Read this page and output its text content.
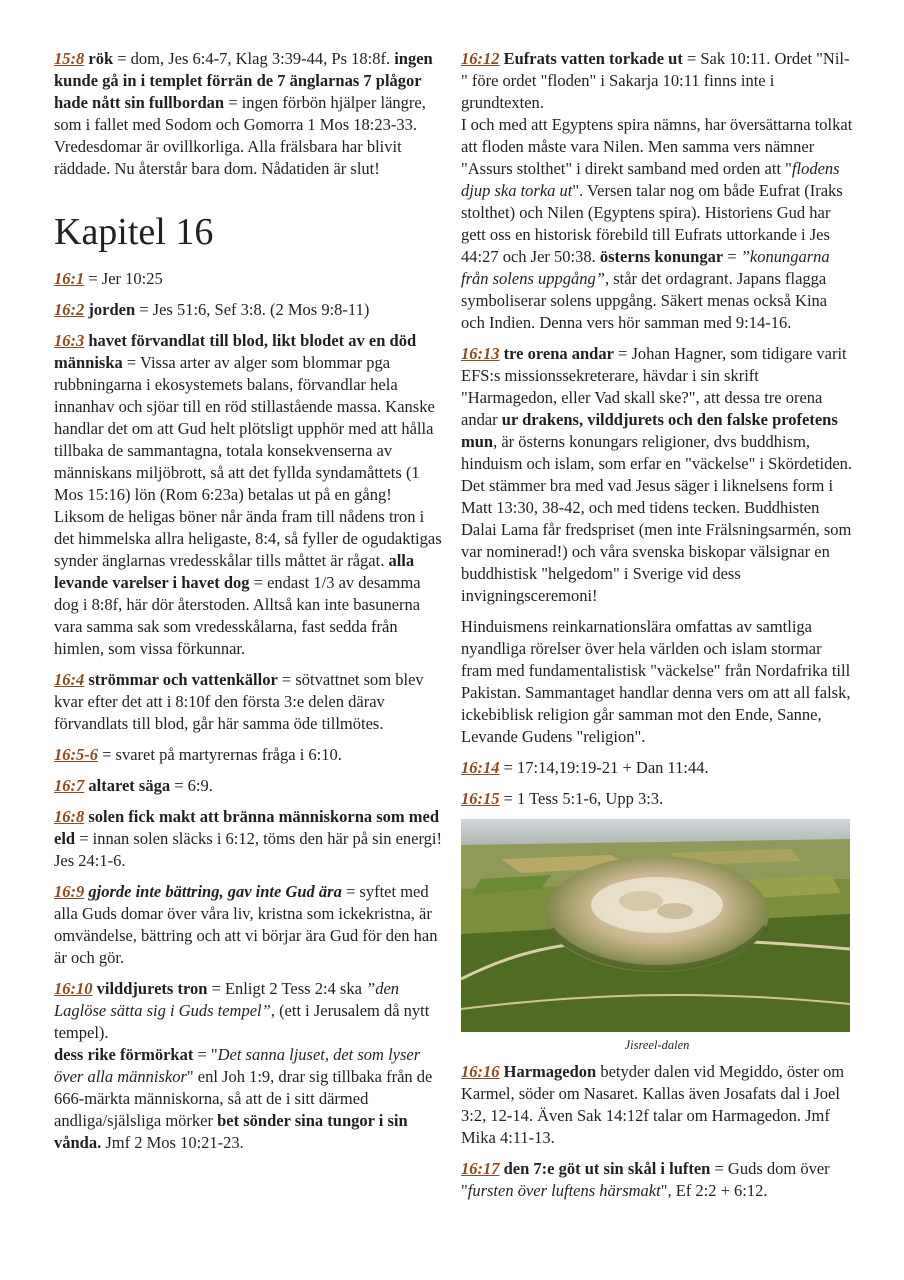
15:8 rök = dom, Jes 6:4-7, Klag 3:39-44, Ps 18:8f. ingen kunde gå in i templet förrän de 7 änglarnas 7 plågor hade nått sin fullbordan = ingen förbön hjälper längre, som i fallet med Sodom och Gomorra 1 Mos 18:23-33. Vredesdomar är ovillkorliga. Alla frälsbara har blivit räddade. Nu återstår bara dom. Nådatiden är slut!

Kapitel 16

16:1 = Jer 10:25

16:2 jorden = Jes 51:6, Sef 3:8. (2 Mos 9:8-11)

16:3 havet förvandlat till blod, likt blodet av en död människa = Vissa arter av alger som blommar pga rubbningarna i ekosystemets balans, förvandlar hela innanhav och sjöar till en röd stillastående massa. Kanske handlar det om att Gud helt plötsligt upphör med att hålla tillbaka de sammantagna, totala konsekvenserna av människans miljöbrott, så att det fyllda syndamåttets (1 Mos 15:16) lön (Rom 6:23a) betalas ut på en gång! Liksom de heligas böner når ända fram till nådens tron i det himmelska allra heligaste, 8:4, så fyller de ogudaktigas synder änglarnas vredesskålar tills måttet är rågat. alla levande varelser i havet dog = endast 1/3 av desamma dog i 8:8f, här dör återstoden. Alltså kan inte basunerna vara samma sak som vredesskålarna, fast sedda från himlen, som vissa förkunnar.

16:4 strömmar och vattenkällor = sötvattnet som blev kvar efter det att i 8:10f den första 3:e delen därav förvandlats till blod, går här samma öde tillmötes.

16:5-6 = svaret på martyrernas fråga i 6:10.

16:7 altaret säga = 6:9.

16:8 solen fick makt att bränna människorna som med eld = innan solen släcks i 6:12, töms den här på sin energi! Jes 24:1-6.

16:9 gjorde inte bättring, gav inte Gud ära = syftet med alla Guds domar över våra liv, kristna som ickekristna, är omvändelse, bättring och att vi börjar ära Gud för den han är och gör.

16:10 vilddjurets tron = Enligt 2 Tess 2:4 ska ”den Laglöse sätta sig i Guds tempel”, (ett i Jerusalem då nytt tempel).
dess rike förmörkat = "Det sanna ljuset, det som lyser över alla människor" enl Joh 1:9, drar sig tillbaka från de 666-märkta människorna, så att de i sitt därmed andliga/själsliga mörker bet sönder sina tungor i sin vånda. Jmf 2 Mos 10:21-23.

16:12 Eufrats vatten torkade ut = Sak 10:11. Ordet "Nil-" före ordet "floden" i Sakarja 10:11 finns inte i grundtexten.
I och med att Egyptens spira nämns, har översättarna tolkat att floden måste vara Nilen. Men samma vers nämner "Assurs stolthet" i direkt samband med orden att "flodens djup ska torka ut". Versen talar nog om både Eufrat (Iraks stolthet) och Nilen (Egyptens spira). Historiens Gud har gett oss en historisk förebild till Eufrats uttorkande i Jes 44:27 och Jer 50:38. österns konungar = ”konungarna från solens uppgång”, står det ordagrant. Japans flagga symboliserar solens uppgång. Säkert menas också Kina och Indien. Denna vers hör samman med 9:14-16.

16:13 tre orena andar = Johan Hagner, som tidigare varit EFS:s missionssekreterare, hävdar i sin skrift "Harmagedon, eller Vad skall ske?", att dessa tre orena andar ur drakens, vilddjurets och den falske profetens mun, är österns konungars religioner, dvs buddhism, hinduism och islam, som erfar en "väckelse" i Skördetiden. Det stämmer bra med vad Jesus säger i liknelsens form i Matt 13:30, 38-42, och med tidens tecken. Buddhisten Dalai Lama får fredspriset (men inte Frälsningsarmén, som var nominerad!) och våra svenska biskopar välsignar en buddhistisk "helgedom" i Sverige vid dess invigningsceremoni!

Hinduismens reinkarnationslära omfattas av samtliga nyandliga rörelser över hela världen och islam stormar fram med fundamentalistisk "väckelse" från Nordafrika till Pakistan. Sammantaget handlar denna vers om att all falsk, ickebiblisk religion går samman mot den Ende, Sanne, Levande Gudens "religion".

16:14 = 17:14,19:19-21 + Dan 11:44.

16:15 = 1 Tess 5:1-6, Upp 3:3.

Jisreel-dalen

16:16 Harmagedon betyder dalen vid Megiddo, öster om Karmel, söder om Nasaret. Kallas även Josafats dal i Joel 3:2, 12-14. Även Sak 14:12f talar om Harmagedon. Jmf Mika 4:11-13.

16:17 den 7:e göt ut sin skål i luften = Guds dom över "fursten över luftens härsmakt", Ef 2:2 + 6:12.
